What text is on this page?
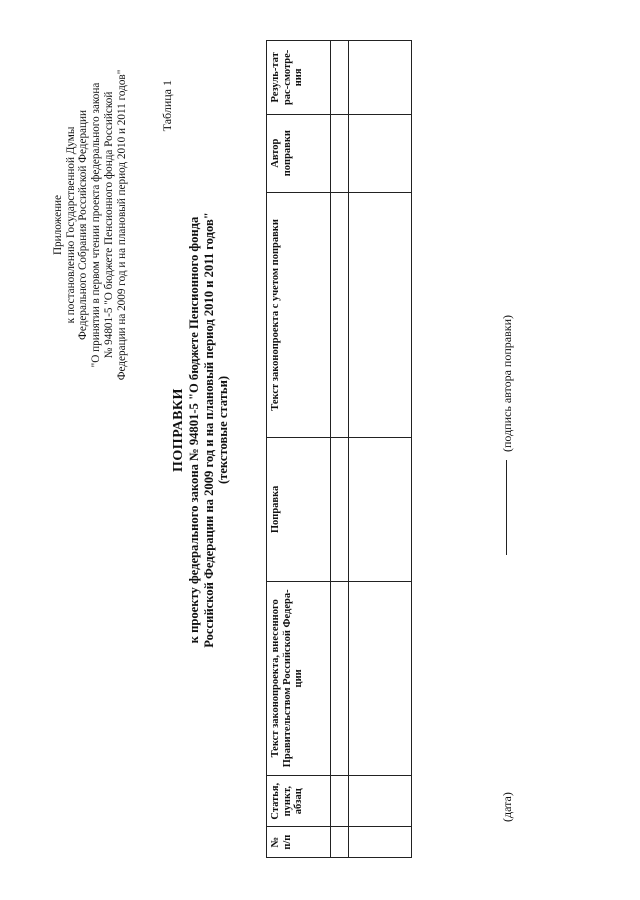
Приложение к постановлению Государственной Думы Федерального Собрания Российской Федерации "О принятии в первом чтении проекта федерального закона № 94801-5 "О бюджете Пенсионного фонда Российской Федерации на 2009 год и на плановый период 2010 и 2011 годов"	Таблица 1
ПОПРАВКИ к проекту федерального закона № 94801-5 "О бюджете Пенсионного фонда Российской Федерации на 2009 год и на плановый период 2010 и 2011 годов" (текстовые статьи)
№ п/п	Статья, пункт, абзац	Текст законопроекта, внесенного Правительством Российской Федера-ции	Поправка	Текст законопроекта с учетом поправки	Автор поправки	Резуль-тат рас-смотре-ния

(дата)
(подпись автора поправки)
